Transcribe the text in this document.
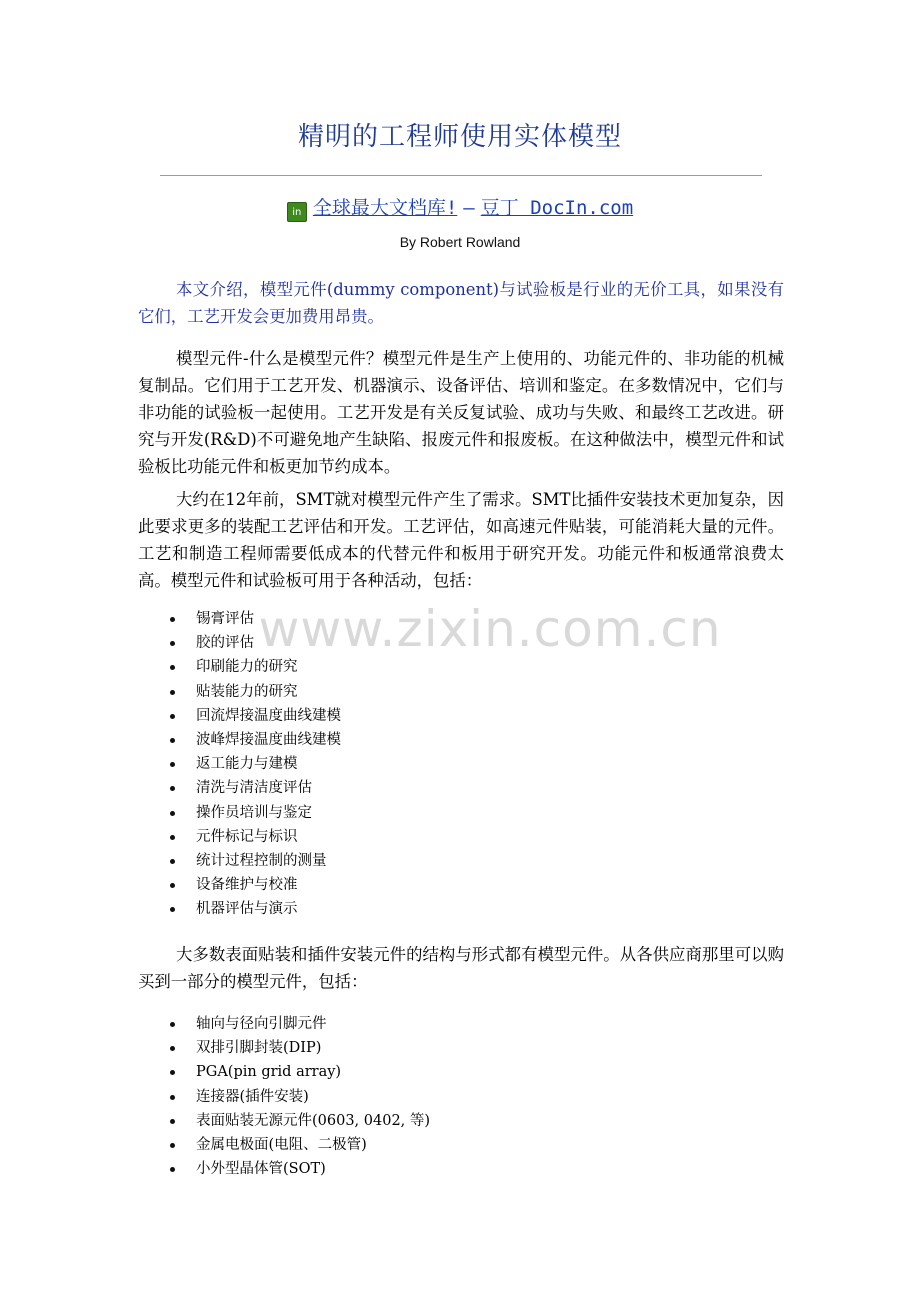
精明的工程师使用实体模型
in 全球最大文档库! – 豆丁 DocIn.com
By Robert Rowland

本文介绍，模型元件(dummy component)与试验板是行业的无价工具，如果没有它们，工艺开发会更加费用昂贵。

模型元件-什么是模型元件？模型元件是生产上使用的、功能元件的、非功能的机械复制品。它们用于工艺开发、机器演示、设备评估、培训和鉴定。在多数情况中，它们与非功能的试验板一起使用。工艺开发是有关反复试验、成功与失败、和最终工艺改进。研究与开发(R&D)不可避免地产生缺陷、报废元件和报废板。在这种做法中，模型元件和试验板比功能元件和板更加节约成本。

大约在12年前，SMT就对模型元件产生了需求。SMT比插件安装技术更加复杂，因此要求更多的装配工艺评估和开发。工艺评估，如高速元件贴装，可能消耗大量的元件。工艺和制造工程师需要低成本的代替元件和板用于研究开发。功能元件和板通常浪费太高。模型元件和试验板可用于各种活动，包括：

锡膏评估
胶的评估
印刷能力的研究
贴装能力的研究
回流焊接温度曲线建模
波峰焊接温度曲线建模
返工能力与建模
清洗与清洁度评估
操作员培训与鉴定
元件标记与标识
统计过程控制的测量
设备维护与校准
机器评估与演示

大多数表面贴装和插件安装元件的结构与形式都有模型元件。从各供应商那里可以购买到一部分的模型元件，包括：

轴向与径向引脚元件
双排引脚封装(DIP)
PGA(pin grid array)
连接器(插件安装)
表面贴装无源元件(0603, 0402, 等)
金属电极面(电阻、二极管)
小外型晶体管(SOT)
www.zixin.com.cn
